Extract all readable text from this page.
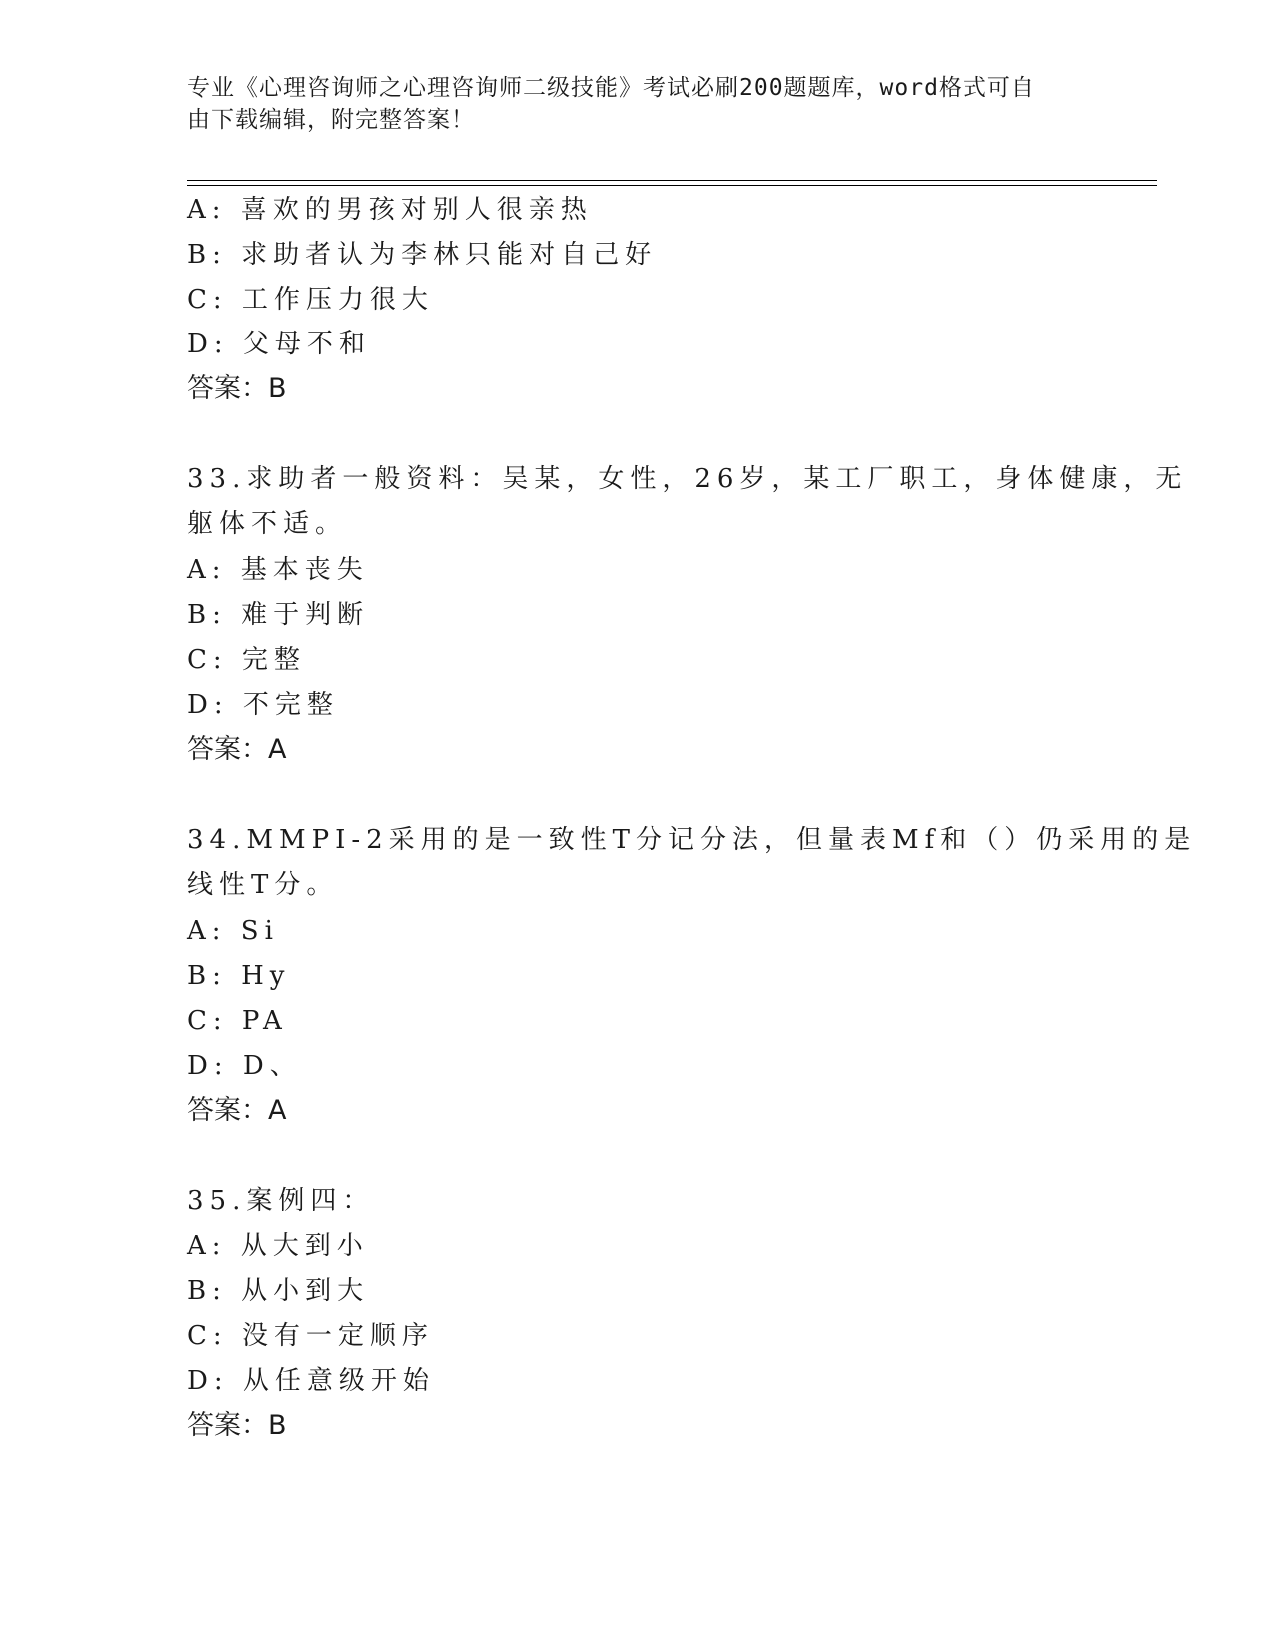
专业《心理咨询师之心理咨询师二级技能》考试必刷200题题库，word格式可自
由下载编辑，附完整答案！
A: 喜欢的男孩对别人很亲热
B: 求助者认为李林只能对自己好
C: 工作压力很大
D: 父母不和
答案：B
33.求助者一般资料：吴某，女性，26岁，某工厂职工，身体健康，无
躯体不适。
A: 基本丧失
B: 难于判断
C: 完整
D: 不完整
答案：A
34.MMPI-2采用的是一致性T分记分法，但量表Mf和（）仍采用的是
线性T分。
A: Si
B: Hy
C: PA
D: D、
答案：A
35.案例四：
A: 从大到小
B: 从小到大
C: 没有一定顺序
D: 从任意级开始
答案：B
